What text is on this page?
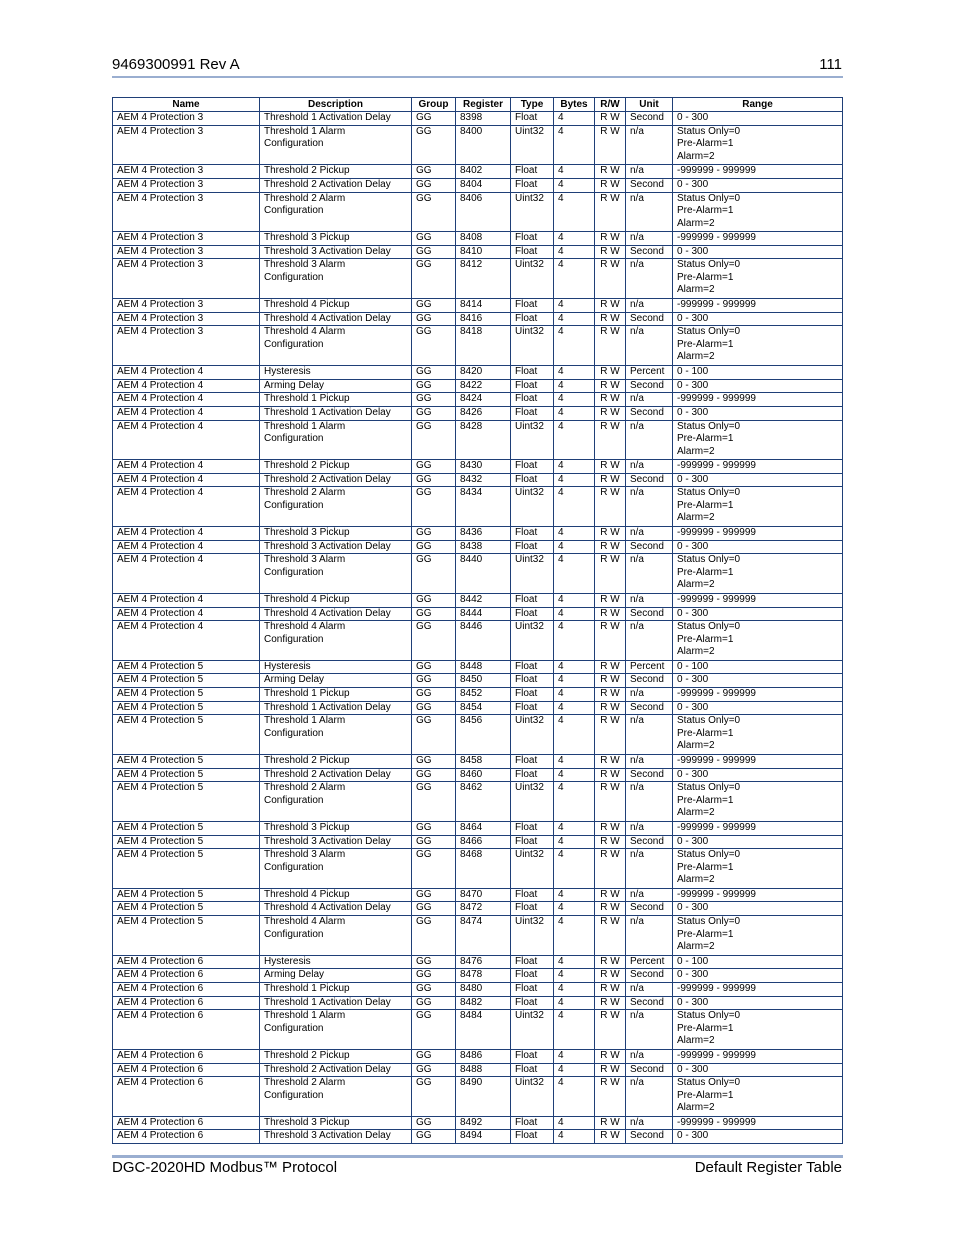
9469300991 Rev A	111
Name	Description	Group	Register	Type	Bytes	R/W	Unit	Range
AEM 4 Protection 3	Threshold 1 Activation Delay	GG	8398	Float	4	R W	Second	0 - 300
AEM 4 Protection 3	Threshold 1 Alarm Configuration	GG	8400	Uint32	4	R W	n/a	Status Only=0
Pre-Alarm=1
Alarm=2

AEM 4 Protection 3	Threshold 2 Pickup	GG	8402	Float	4	R W	n/a	-999999 - 999999
AEM 4 Protection 3	Threshold 2 Activation Delay	GG	8404	Float	4	R W	Second	0 - 300
AEM 4 Protection 3	Threshold 2 Alarm Configuration	GG	8406	Uint32	4	R W	n/a	Status Only=0
Pre-Alarm=1
Alarm=2

AEM 4 Protection 3	Threshold 3 Pickup	GG	8408	Float	4	R W	n/a	-999999 - 999999
AEM 4 Protection 3	Threshold 3 Activation Delay	GG	8410	Float	4	R W	Second	0 - 300
AEM 4 Protection 3	Threshold 3 Alarm Configuration	GG	8412	Uint32	4	R W	n/a	Status Only=0
Pre-Alarm=1
Alarm=2

AEM 4 Protection 3	Threshold 4 Pickup	GG	8414	Float	4	R W	n/a	-999999 - 999999
AEM 4 Protection 3	Threshold 4 Activation Delay	GG	8416	Float	4	R W	Second	0 - 300
AEM 4 Protection 3	Threshold 4 Alarm Configuration	GG	8418	Uint32	4	R W	n/a	Status Only=0
Pre-Alarm=1
Alarm=2

AEM 4 Protection 4	Hysteresis	GG	8420	Float	4	R W	Percent	0 - 100
AEM 4 Protection 4	Arming Delay	GG	8422	Float	4	R W	Second	0 - 300
AEM 4 Protection 4	Threshold 1 Pickup	GG	8424	Float	4	R W	n/a	-999999 - 999999
AEM 4 Protection 4	Threshold 1 Activation Delay	GG	8426	Float	4	R W	Second	0 - 300
AEM 4 Protection 4	Threshold 1 Alarm Configuration	GG	8428	Uint32	4	R W	n/a	Status Only=0
Pre-Alarm=1
Alarm=2

AEM 4 Protection 4	Threshold 2 Pickup	GG	8430	Float	4	R W	n/a	-999999 - 999999
AEM 4 Protection 4	Threshold 2 Activation Delay	GG	8432	Float	4	R W	Second	0 - 300
AEM 4 Protection 4	Threshold 2 Alarm Configuration	GG	8434	Uint32	4	R W	n/a	Status Only=0
Pre-Alarm=1
Alarm=2

AEM 4 Protection 4	Threshold 3 Pickup	GG	8436	Float	4	R W	n/a	-999999 - 999999
AEM 4 Protection 4	Threshold 3 Activation Delay	GG	8438	Float	4	R W	Second	0 - 300
AEM 4 Protection 4	Threshold 3 Alarm Configuration	GG	8440	Uint32	4	R W	n/a	Status Only=0
Pre-Alarm=1
Alarm=2

AEM 4 Protection 4	Threshold 4 Pickup	GG	8442	Float	4	R W	n/a	-999999 - 999999
AEM 4 Protection 4	Threshold 4 Activation Delay	GG	8444	Float	4	R W	Second	0 - 300
AEM 4 Protection 4	Threshold 4 Alarm Configuration	GG	8446	Uint32	4	R W	n/a	Status Only=0
Pre-Alarm=1
Alarm=2

AEM 4 Protection 5	Hysteresis	GG	8448	Float	4	R W	Percent	0 - 100
AEM 4 Protection 5	Arming Delay	GG	8450	Float	4	R W	Second	0 - 300
AEM 4 Protection 5	Threshold 1 Pickup	GG	8452	Float	4	R W	n/a	-999999 - 999999
AEM 4 Protection 5	Threshold 1 Activation Delay	GG	8454	Float	4	R W	Second	0 - 300
AEM 4 Protection 5	Threshold 1 Alarm Configuration	GG	8456	Uint32	4	R W	n/a	Status Only=0
Pre-Alarm=1
Alarm=2

AEM 4 Protection 5	Threshold 2 Pickup	GG	8458	Float	4	R W	n/a	-999999 - 999999
AEM 4 Protection 5	Threshold 2 Activation Delay	GG	8460	Float	4	R W	Second	0 - 300
AEM 4 Protection 5	Threshold 2 Alarm Configuration	GG	8462	Uint32	4	R W	n/a	Status Only=0
Pre-Alarm=1
Alarm=2

AEM 4 Protection 5	Threshold 3 Pickup	GG	8464	Float	4	R W	n/a	-999999 - 999999
AEM 4 Protection 5	Threshold 3 Activation Delay	GG	8466	Float	4	R W	Second	0 - 300
AEM 4 Protection 5	Threshold 3 Alarm Configuration	GG	8468	Uint32	4	R W	n/a	Status Only=0
Pre-Alarm=1
Alarm=2

AEM 4 Protection 5	Threshold 4 Pickup	GG	8470	Float	4	R W	n/a	-999999 - 999999
AEM 4 Protection 5	Threshold 4 Activation Delay	GG	8472	Float	4	R W	Second	0 - 300
AEM 4 Protection 5	Threshold 4 Alarm Configuration	GG	8474	Uint32	4	R W	n/a	Status Only=0
Pre-Alarm=1
Alarm=2

AEM 4 Protection 6	Hysteresis	GG	8476	Float	4	R W	Percent	0 - 100
AEM 4 Protection 6	Arming Delay	GG	8478	Float	4	R W	Second	0 - 300
AEM 4 Protection 6	Threshold 1 Pickup	GG	8480	Float	4	R W	n/a	-999999 - 999999
AEM 4 Protection 6	Threshold 1 Activation Delay	GG	8482	Float	4	R W	Second	0 - 300
AEM 4 Protection 6	Threshold 1 Alarm Configuration	GG	8484	Uint32	4	R W	n/a	Status Only=0
Pre-Alarm=1
Alarm=2

AEM 4 Protection 6	Threshold 2 Pickup	GG	8486	Float	4	R W	n/a	-999999 - 999999
AEM 4 Protection 6	Threshold 2 Activation Delay	GG	8488	Float	4	R W	Second	0 - 300
AEM 4 Protection 6	Threshold 2 Alarm Configuration	GG	8490	Uint32	4	R W	n/a	Status Only=0
Pre-Alarm=1
Alarm=2

AEM 4 Protection 6	Threshold 3 Pickup	GG	8492	Float	4	R W	n/a	-999999 - 999999
AEM 4 Protection 6	Threshold 3 Activation Delay	GG	8494	Float	4	R W	Second	0 - 300
DGC-2020HD Modbus™ Protocol	Default Register Table
